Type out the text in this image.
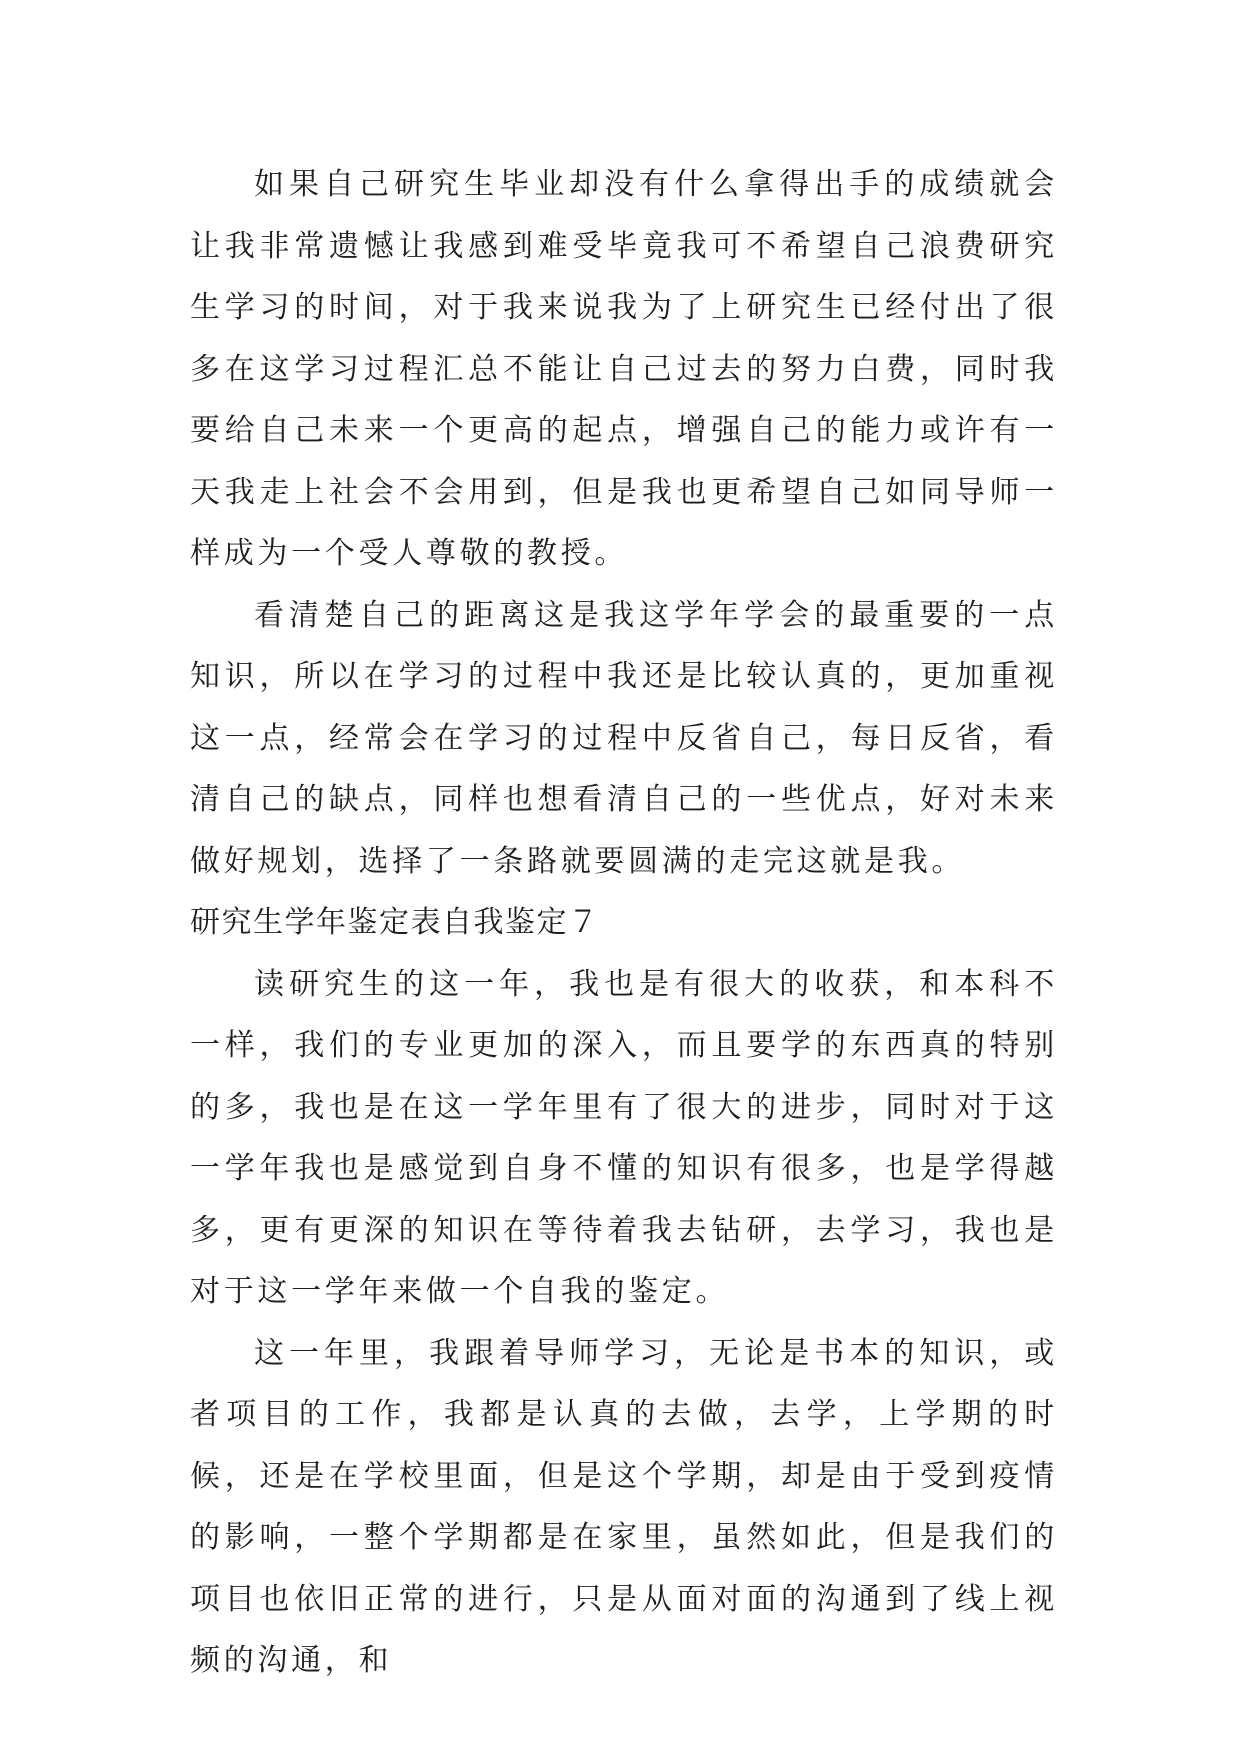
如果自己研究生毕业却没有什么拿得出手的成绩就会让我非常遗憾让我感到难受毕竟我可不希望自己浪费研究生学习的时间，对于我来说我为了上研究生已经付出了很多在这学习过程汇总不能让自己过去的努力白费，同时我要给自己未来一个更高的起点，增强自己的能力或许有一天我走上社会不会用到，但是我也更希望自己如同导师一样成为一个受人尊敬的教授。

看清楚自己的距离这是我这学年学会的最重要的一点知识，所以在学习的过程中我还是比较认真的，更加重视这一点，经常会在学习的过程中反省自己，每日反省，看清自己的缺点，同样也想看清自己的一些优点，好对未来做好规划，选择了一条路就要圆满的走完这就是我。

研究生学年鉴定表自我鉴定７

读研究生的这一年，我也是有很大的收获，和本科不一样，我们的专业更加的深入，而且要学的东西真的特别的多，我也是在这一学年里有了很大的进步，同时对于这一学年我也是感觉到自身不懂的知识有很多，也是学得越多，更有更深的知识在等待着我去钻研，去学习，我也是对于这一学年来做一个自我的鉴定。

这一年里，我跟着导师学习，无论是书本的知识，或者项目的工作，我都是认真的去做，去学，上学期的时候，还是在学校里面，但是这个学期，却是由于受到疫情的影响，一整个学期都是在家里，虽然如此，但是我们的项目也依旧正常的进行，只是从面对面的沟通到了线上视频的沟通，和
